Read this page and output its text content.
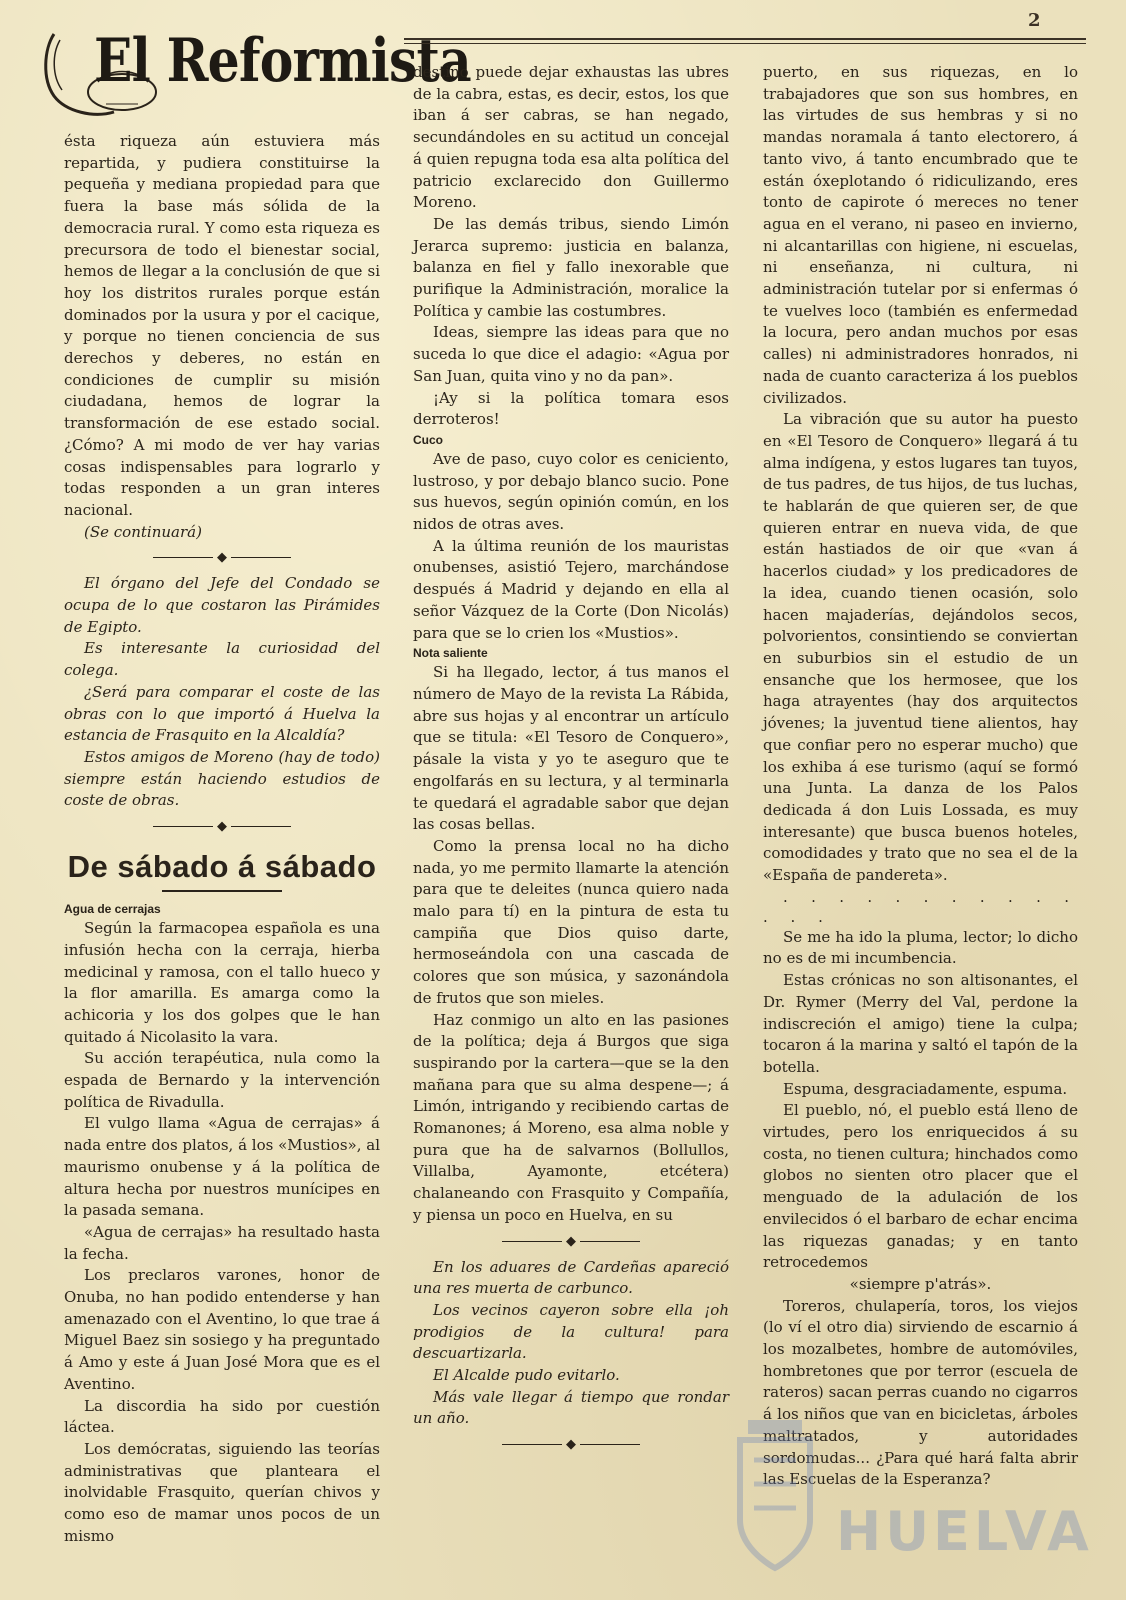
El Reformista
2

ésta riqueza aún estuviera más repartida, y pudiera constituirse la pequeña y mediana propiedad para que fuera la base más sólida de la democracia rural. Y como esta riqueza es precursora de todo el bienestar social, hemos de llegar a la conclusión de que si hoy los distritos rurales porque están dominados por la usura y por el cacique, y porque no tienen conciencia de sus derechos y deberes, no están en condiciones de cumplir su misión ciudadana, hemos de lograr la transformación de ese estado social. ¿Cómo? A mi modo de ver hay varias cosas indispensables para lograrlo y todas responden a un gran interes nacional.

(Se continuará)

◆

El órgano del Jefe del Condado se ocupa de lo que costaron las Pirámides de Egipto.

Es interesante la curiosidad del colega.

¿Será para comparar el coste de las obras con lo que importó á Huelva la estancia de Frasquito en la Alcaldía?

Estos amigos de Moreno (hay de todo) siempre están haciendo estudios de coste de obras.

◆
De sábado á sábado

Agua de cerrajas

Según la farmacopea española es una infusión hecha con la cerraja, hierba medicinal y ramosa, con el tallo hueco y la flor amarilla. Es amarga como la achicoria y los dos golpes que le han quitado á Nicolasito la vara.

Su acción terapéutica, nula como la espada de Bernardo y la intervención política de Rivadulla.

El vulgo llama «Agua de cerrajas» á nada entre dos platos, á los «Mustios», al maurismo onubense y á la política de altura hecha por nuestros munícipes en la pasada semana.

«Agua de cerrajas» ha resultado hasta la fecha.

Los preclaros varones, honor de Onuba, no han podido entenderse y han amenazado con el Aventino, lo que trae á Miguel Baez sin sosiego y ha preguntado á Amo y este á Juan José Mora que es el Aventino.

La discordia ha sido por cuestión láctea.

Los demócratas, siguiendo las teorías administrativas que planteara el inolvidable Frasquito, querían chivos y como eso de mamar unos pocos de un mismo

destino puede dejar exhaustas las ubres de la cabra, estas, es decir, estos, los que iban á ser cabras, se han negado, secundándoles en su actitud un concejal á quien repugna toda esa alta política del patricio exclarecido don Guillermo Moreno.

De las demás tribus, siendo Limón Jerarca supremo: justicia en balanza, balanza en fiel y fallo inexorable que purifique la Administración, moralice la Política y cambie las costumbres.

Ideas, siempre las ideas para que no suceda lo que dice el adagio: «Agua por San Juan, quita vino y no da pan».

¡Ay si la política tomara esos derroteros!

Cuco

Ave de paso, cuyo color es ceniciento, lustroso, y por debajo blanco sucio. Pone sus huevos, según opinión común, en los nidos de otras aves.

A la última reunión de los mauristas onubenses, asistió Tejero, marchándose después á Madrid y dejando en ella al señor Vázquez de la Corte (Don Nicolás) para que se lo crien los «Mustios».

Nota saliente

Si ha llegado, lector, á tus manos el número de Mayo de la revista La Rábida, abre sus hojas y al encontrar un artículo que se titula: «El Tesoro de Conquero», pásale la vista y yo te aseguro que te engolfarás en su lectura, y al terminarla te quedará el agradable sabor que dejan las cosas bellas.

Como la prensa local no ha dicho nada, yo me permito llamarte la atención para que te deleites (nunca quiero nada malo para tí) en la pintura de esta tu campiña que Dios quiso darte, hermoseándola con una cascada de colores que son música, y sazonándola de frutos que son mieles.

Haz conmigo un alto en las pasiones de la política; deja á Burgos que siga suspirando por la cartera—que se la den mañana para que su alma despene—; á Limón, intrigando y recibiendo cartas de Romanones; á Moreno, esa alma noble y pura que ha de salvarnos (Bollullos, Villalba, Ayamonte, etcétera) chalaneando con Frasquito y Compañía, y piensa un poco en Huelva, en su

◆

En los aduares de Cardeñas apareció una res muerta de carbunco.

Los vecinos cayeron sobre ella ¡oh prodigios de la cultura! para descuartizarla.

El Alcalde pudo evitarlo.

Más vale llegar á tiempo que rondar un año.

◆

puerto, en sus riquezas, en lo trabajadores que son sus hombres, en las virtudes de sus hembras y si no mandas noramala á tanto electorero, á tanto vivo, á tanto encumbrado que te están óxeplotando ó ridiculizando, eres tonto de capirote ó mereces no tener agua en el verano, ni paseo en invierno, ni alcantarillas con higiene, ni escuelas, ni enseñanza, ni cultura, ni administración tutelar por si enfermas ó te vuelves loco (también es enfermedad la locura, pero andan muchos por esas calles) ni administradores honrados, ni nada de cuanto caracteriza á los pueblos civilizados.

La vibración que su autor ha puesto en «El Tesoro de Conquero» llegará á tu alma indígena, y estos lugares tan tuyos, de tus padres, de tus hijos, de tus luchas, te hablarán de que quieren ser, de que quieren entrar en nueva vida, de que están hastiados de oir que «van á hacerlos ciudad» y los predicadores de la idea, cuando tienen ocasión, solo hacen majaderías, dejándolos secos, polvorientos, consintiendo se conviertan en suburbios sin el estudio de un ensanche que los hermosee, que los haga atrayentes (hay dos arquitectos jóvenes; la juventud tiene alientos, hay que confiar pero no esperar mucho) que los exhiba á ese turismo (aquí se formó una Junta. La danza de los Palos dedicada á don Luis Lossada, es muy interesante) que busca buenos hoteles, comodidades y trato que no sea el de la «España de pandereta».

. . . . . . . . . . . . . .

Se me ha ido la pluma, lector; lo dicho no es de mi incumbencia.

Estas crónicas no son altisonantes, el Dr. Rymer (Merry del Val, perdone la indiscreción el amigo) tiene la culpa; tocaron á la marina y saltó el tapón de la botella.

Espuma, desgraciadamente, espuma.

El pueblo, nó, el pueblo está lleno de virtudes, pero los enriquecidos á su costa, no tienen cultura; hinchados como globos no sienten otro placer que el menguado de la adulación de los envilecidos ó el barbaro de echar encima las riquezas ganadas; y en tanto retrocedemos

«siempre p'atrás».

Toreros, chulapería, toros, los viejos (lo ví el otro dia) sirviendo de escarnio á los mozalbetes, hombre de automóviles, hombretones que por terror (escuela de rateros) sacan perras cuando no cigarros á los niños que van en bicicletas, árboles maltratados, y autoridades sordomudas... ¿Para qué hará falta abrir las Escuelas de la Esperanza?

HUELVA
